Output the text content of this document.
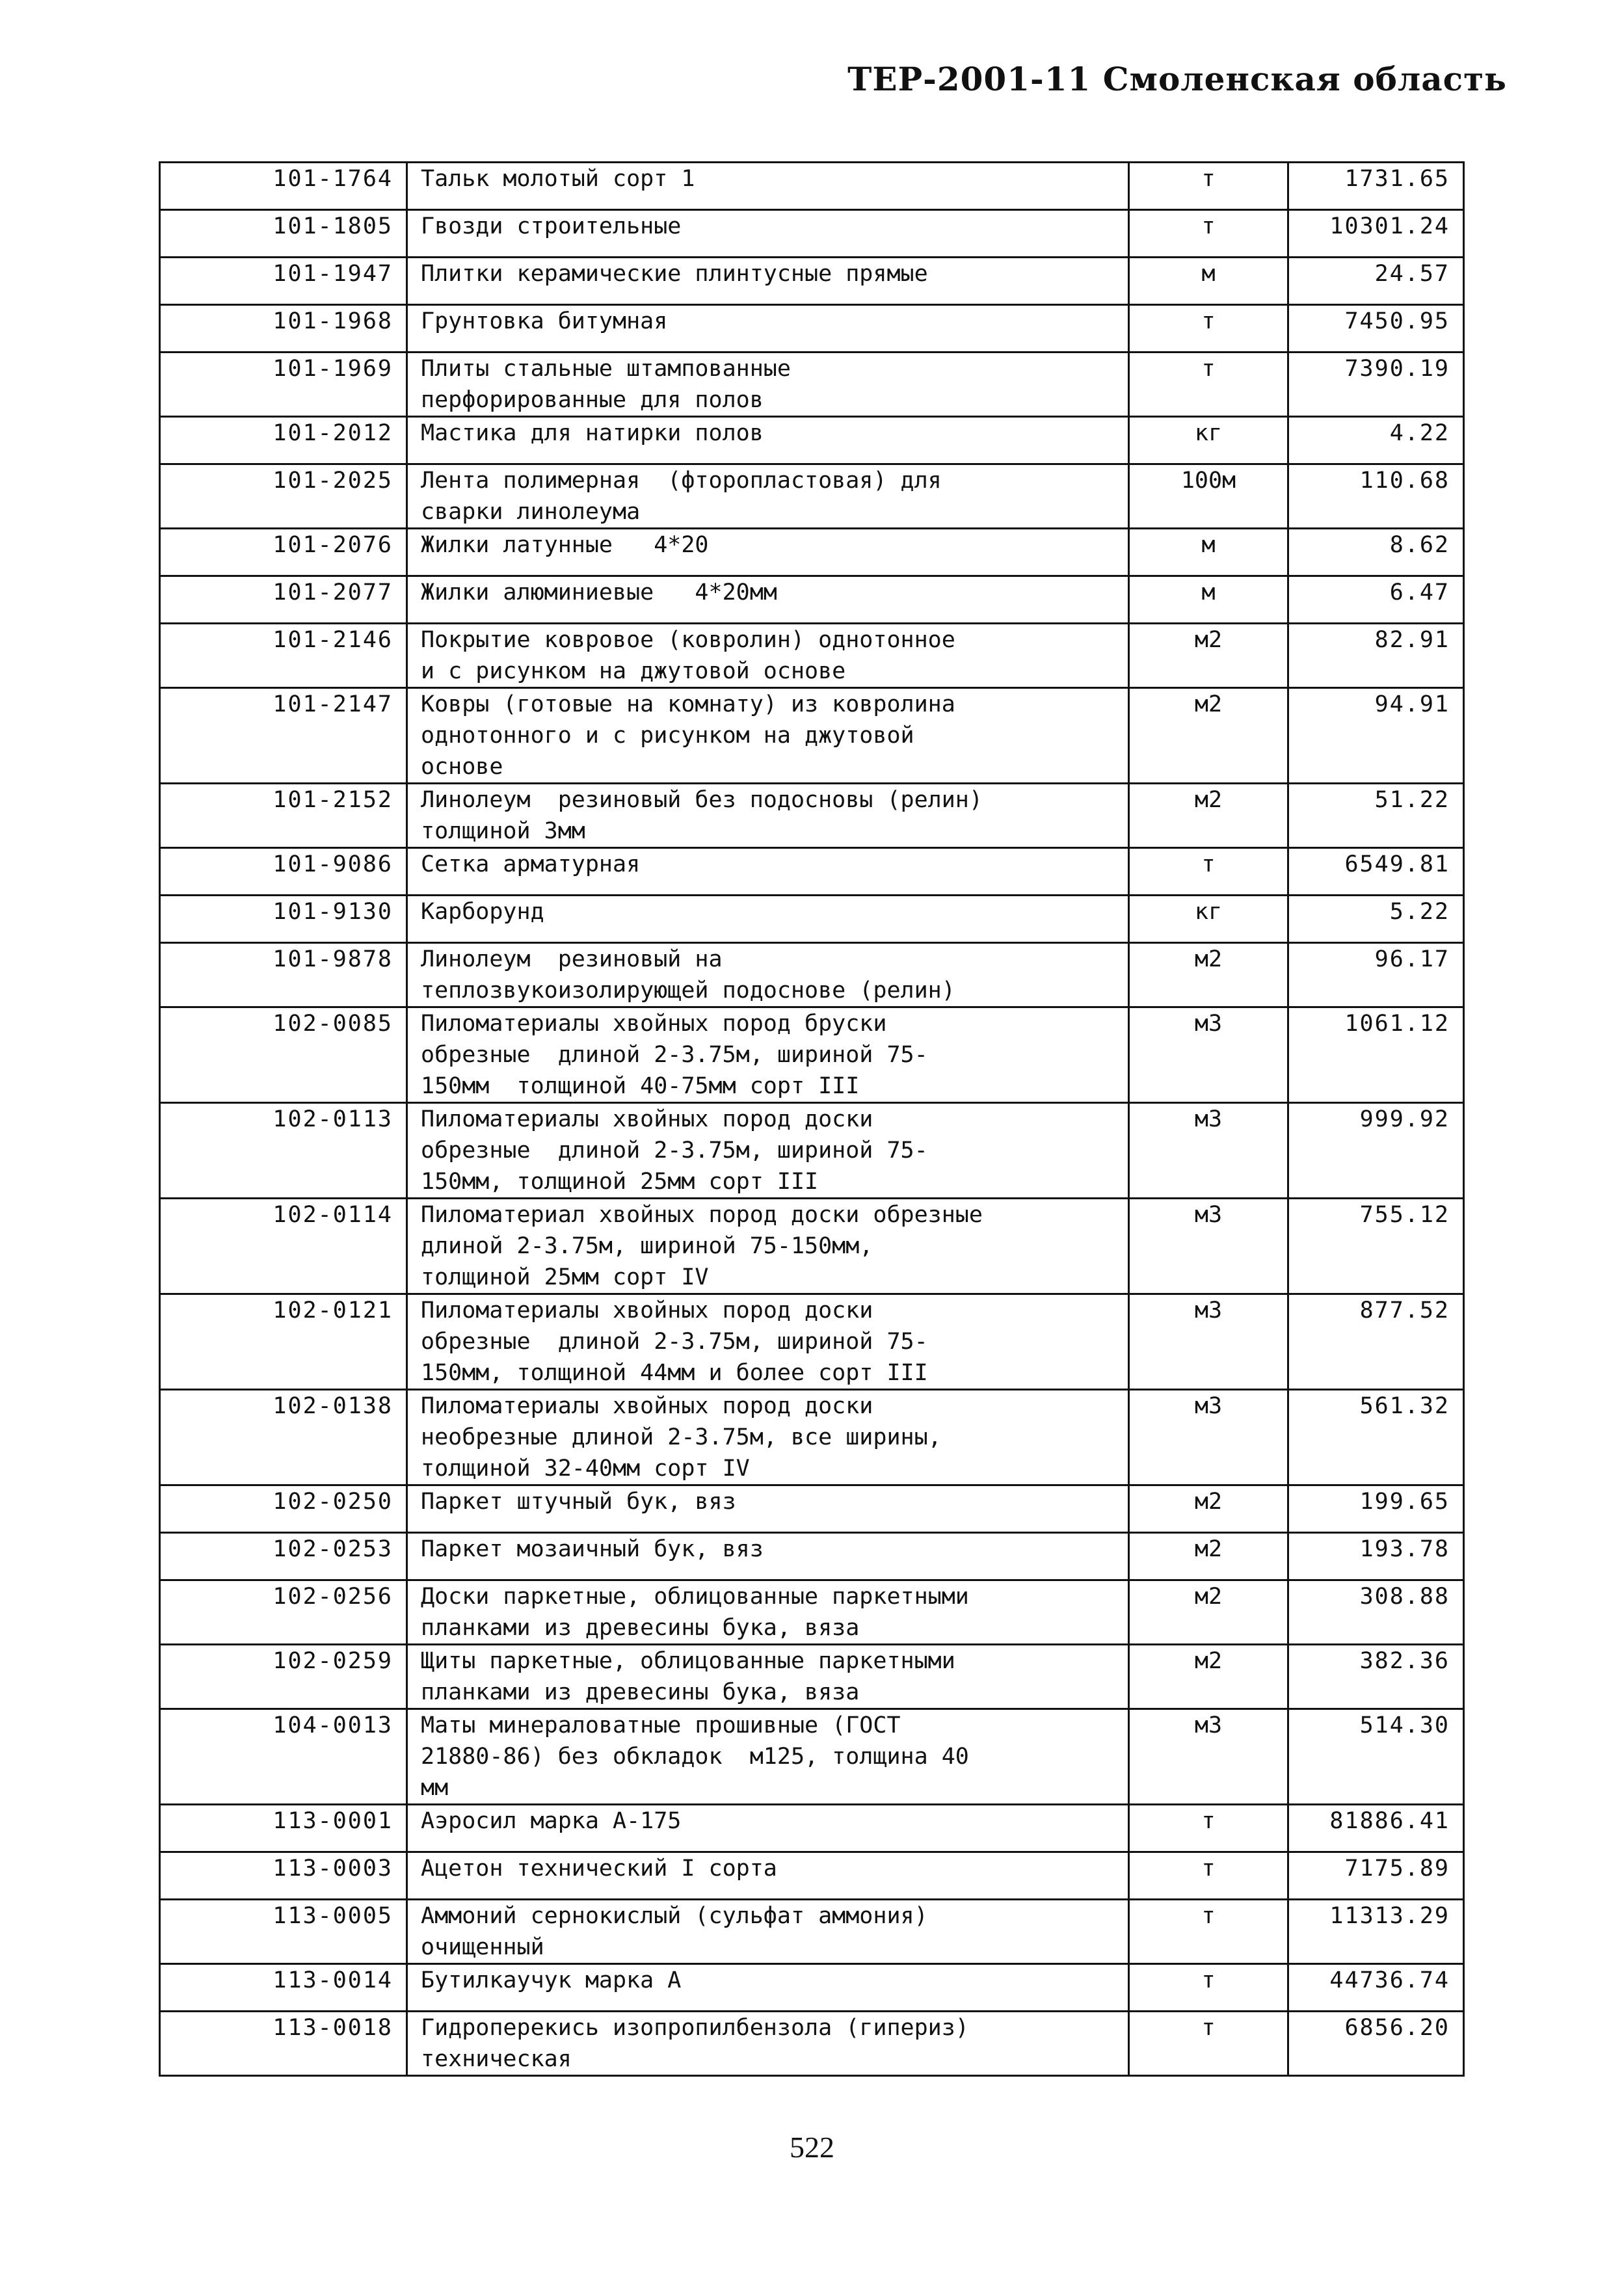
ТЕР-2001-11 Смоленская область
101-1764	Тальк молотый сорт 1	т	1731.65
101-1805	Гвозди строительные	т	10301.24
101-1947	Плитки керамические плинтусные прямые	м	24.57
101-1968	Грунтовка битумная	т	7450.95
101-1969	Плиты стальные штампованные
перфорированные для полов	т	7390.19
101-2012	Мастика для натирки полов	кг	4.22
101-2025	Лента полимерная  (фторопластовая) для
сварки линолеума	100м	110.68
101-2076	Жилки латунные   4*20	м	8.62
101-2077	Жилки алюминиевые   4*20мм	м	6.47
101-2146	Покрытие ковровое (ковролин) однотонное
и с рисунком на джутовой основе	м2	82.91
101-2147	Ковры (готовые на комнату) из ковролина
однотонного и с рисунком на джутовой
основе	м2	94.91
101-2152	Линолеум  резиновый без подосновы (релин)
толщиной 3мм	м2	51.22
101-9086	Сетка арматурная	т	6549.81
101-9130	Карборунд	кг	5.22
101-9878	Линолеум  резиновый на
теплозвукоизолирующей подоснове (релин)	м2	96.17
102-0085	Пиломатериалы хвойных пород бруски
обрезные  длиной 2-3.75м, шириной 75-
150мм  толщиной 40-75мм сорт III	м3	1061.12
102-0113	Пиломатериалы хвойных пород доски
обрезные  длиной 2-3.75м, шириной 75-
150мм, толщиной 25мм сорт III	м3	999.92
102-0114	Пиломатериал хвойных пород доски обрезные
длиной 2-3.75м, шириной 75-150мм,
толщиной 25мм сорт IV	м3	755.12
102-0121	Пиломатериалы хвойных пород доски
обрезные  длиной 2-3.75м, шириной 75-
150мм, толщиной 44мм и более сорт III	м3	877.52
102-0138	Пиломатериалы хвойных пород доски
необрезные длиной 2-3.75м, все ширины,
толщиной 32-40мм сорт IV	м3	561.32
102-0250	Паркет штучный бук, вяз	м2	199.65
102-0253	Паркет мозаичный бук, вяз	м2	193.78
102-0256	Доски паркетные, облицованные паркетными
планками из древесины бука, вяза	м2	308.88
102-0259	Щиты паркетные, облицованные паркетными
планками из древесины бука, вяза	м2	382.36
104-0013	Маты минераловатные прошивные (ГОСТ
21880-86) без обкладок  м125, толщина 40
мм	м3	514.30
113-0001	Аэросил марка А-175	т	81886.41
113-0003	Ацетон технический I сорта	т	7175.89
113-0005	Аммоний сернокислый (сульфат аммония)
очищенный	т	11313.29
113-0014	Бутилкаучук марка А	т	44736.74
113-0018	Гидроперекись изопропилбензола (гипериз)
техническая	т	6856.20
522
